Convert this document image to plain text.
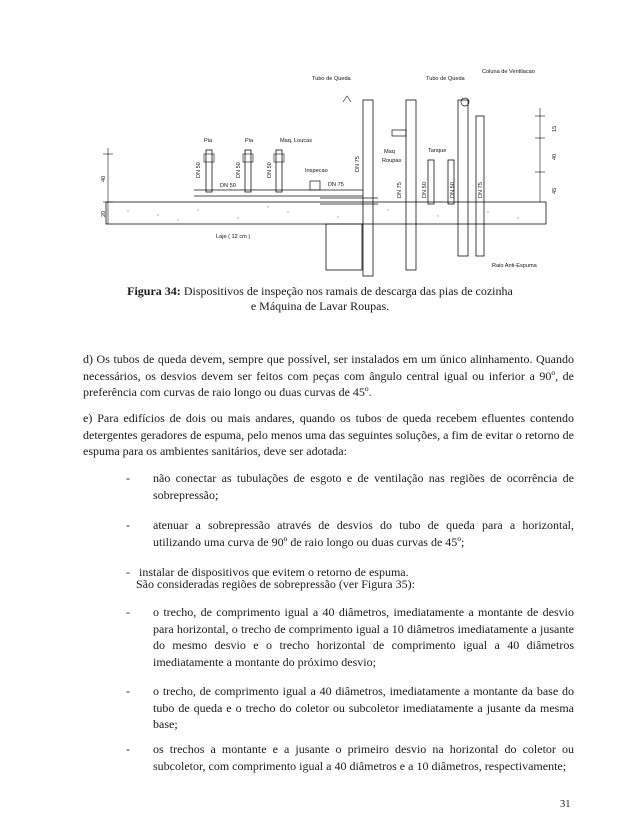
40
20
Tubo de Queda	Tubo de Queda
Coluna de Ventilacao
Pia	Pia	Maq. Loucas
Inspecao
Maq
Roupas
Tanque
Laje ( 12 cm )
Raio Anti-Espuma
DN 50	DN 50	DN 50
DN 50
DN 75
DN 75	DN 75	DN 50	DN 50	DN 75
15
40
45
Figura 34: Dispositivos de inspeção nos ramais de descarga das pias de cozinha
e Máquina de Lavar Roupas.
d) Os tubos de queda devem, sempre que possível, ser instalados em um único alinhamento. Quando necessários, os desvios devem ser feitos com peças com ângulo central igual ou inferior a 90º, de preferência com curvas de raio longo ou duas curvas de 45º.
e) Para edifícios de dois ou mais andares, quando os tubos de queda recebem efluentes contendo detergentes geradores de espuma, pelo menos uma das seguintes soluções, a fim de evitar o retorno de espuma para os ambientes sanitários, deve ser adotada:
- não conectar as tubulações de esgoto e de ventilação nas regiões de ocorrência de sobrepressão;
- atenuar a sobrepressão através de desvios do tubo de queda para a horizontal, utilizando uma curva de 90º de raio longo ou duas curvas de 45º;
- instalar de dispositivos que evitem o retorno de espuma.
São consideradas regiões de sobrepressão (ver Figura 35):
- o trecho, de comprimento igual a 40 diâmetros, imediatamente a montante de desvio para horizontal, o trecho de comprimento igual a 10 diâmetros imediatamente a jusante do mesmo desvio e o trecho horizontal de comprimento igual a 40 diâmetros imediatamente a montante do próximo desvio;
- o trecho, de comprimento igual a 40 diâmetros, imediatamente a montante da base do tubo de queda e o trecho do coletor ou subcoletor imediatamente a jusante da mesma base;
- os trechos a montante e a jusante o primeiro desvio na horizontal do coletor ou subcoletor, com comprimento igual a 40 diâmetros e a 10 diâmetros, respectivamente;
31
